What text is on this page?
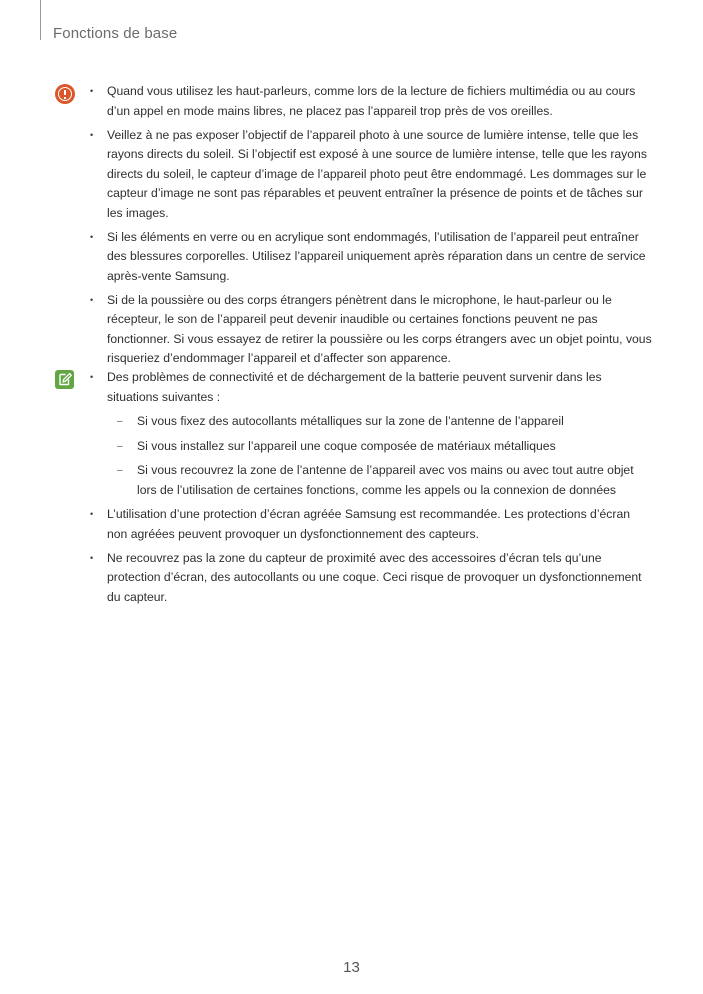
Fonctions de base
• Quand vous utilisez les haut-parleurs, comme lors de la lecture de fichiers multimédia ou au cours d’un appel en mode mains libres, ne placez pas l’appareil trop près de vos oreilles.
• Veillez à ne pas exposer l’objectif de l’appareil photo à une source de lumière intense, telle que les rayons directs du soleil. Si l’objectif est exposé à une source de lumière intense, telle que les rayons directs du soleil, le capteur d’image de l’appareil photo peut être endommagé. Les dommages sur le capteur d’image ne sont pas réparables et peuvent entraîner la présence de points et de tâches sur les images.
• Si les éléments en verre ou en acrylique sont endommagés, l’utilisation de l’appareil peut entraîner des blessures corporelles. Utilisez l’appareil uniquement après réparation dans un centre de service après-vente Samsung.
• Si de la poussière ou des corps étrangers pénètrent dans le microphone, le haut-parleur ou le récepteur, le son de l’appareil peut devenir inaudible ou certaines fonctions peuvent ne pas fonctionner. Si vous essayez de retirer la poussière ou les corps étrangers avec un objet pointu, vous risqueriez d’endommager l’appareil et d’affecter son apparence.
• Des problèmes de connectivité et de déchargement de la batterie peuvent survenir dans les situations suivantes :
– Si vous fixez des autocollants métalliques sur la zone de l’antenne de l’appareil
– Si vous installez sur l’appareil une coque composée de matériaux métalliques
– Si vous recouvrez la zone de l’antenne de l’appareil avec vos mains ou avec tout autre objet lors de l’utilisation de certaines fonctions, comme les appels ou la connexion de données
• L’utilisation d’une protection d’écran agréée Samsung est recommandée. Les protections d’écran non agréées peuvent provoquer un dysfonctionnement des capteurs.
• Ne recouvrez pas la zone du capteur de proximité avec des accessoires d’écran tels qu’une protection d’écran, des autocollants ou une coque. Ceci risque de provoquer un dysfonctionnement du capteur.
13
